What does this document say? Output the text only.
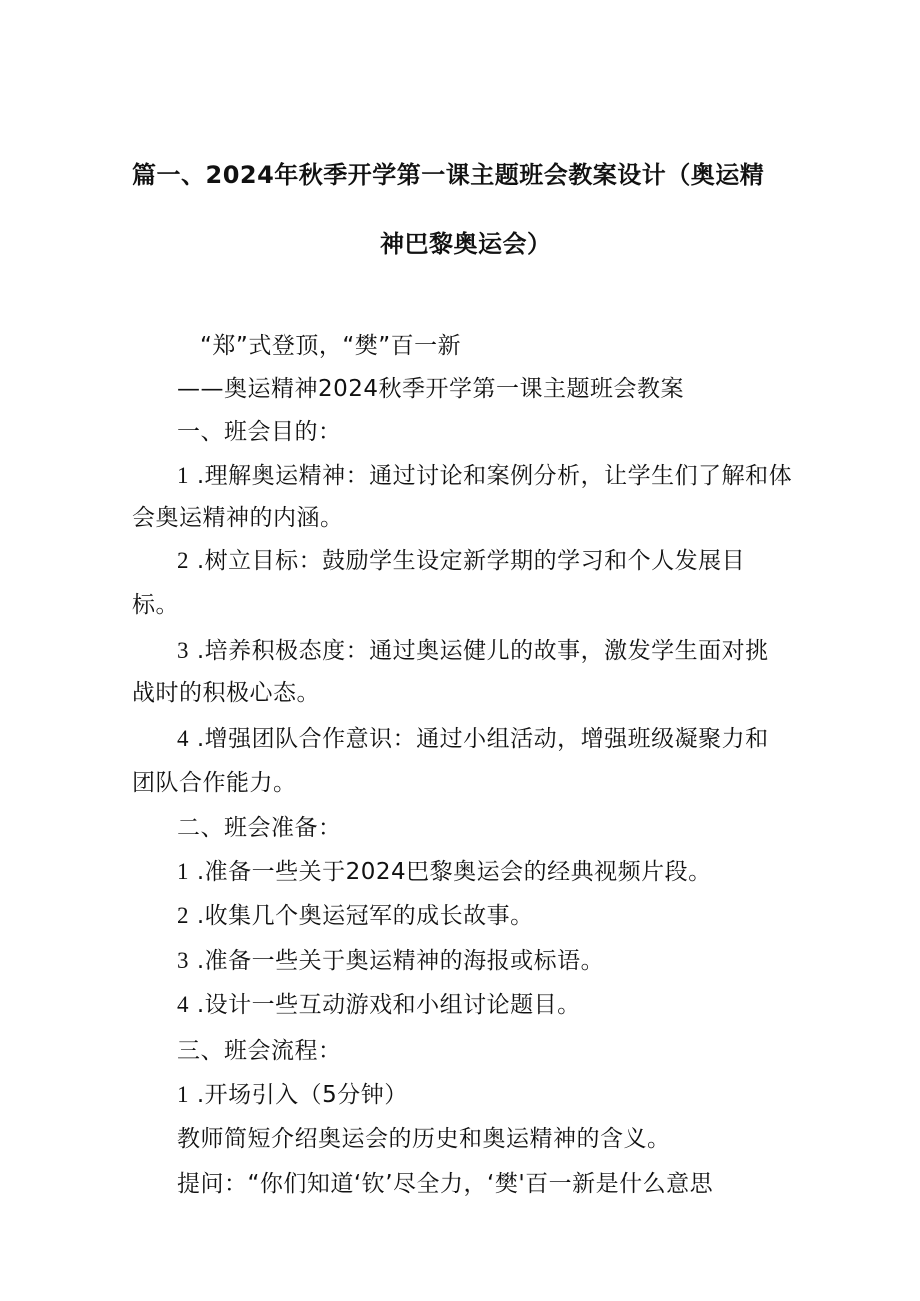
篇一、2024年秋季开学第一课主题班会教案设计（奥运精
神巴黎奥运会）
“郑”式登顶，“樊”百一新
——奥运精神2024秋季开学第一课主题班会教案
一、班会目的：
1 .理解奥运精神：通过讨论和案例分析，让学生们了解和体
会奥运精神的内涵。
2 .树立目标：鼓励学生设定新学期的学习和个人发展目
标。
3 .培养积极态度：通过奥运健儿的故事，激发学生面对挑
战时的积极心态。
4 .增强团队合作意识：通过小组活动，增强班级凝聚力和
团队合作能力。
二、班会准备：
1 .准备一些关于2024巴黎奥运会的经典视频片段。
2 .收集几个奥运冠军的成长故事。
3 .准备一些关于奥运精神的海报或标语。
4 .设计一些互动游戏和小组讨论题目。
三、班会流程：
1 .开场引入（5分钟）
教师简短介绍奥运会的历史和奥运精神的含义。
提问：“你们知道‘钦’尽全力，‘樊'百一新是什么意思
